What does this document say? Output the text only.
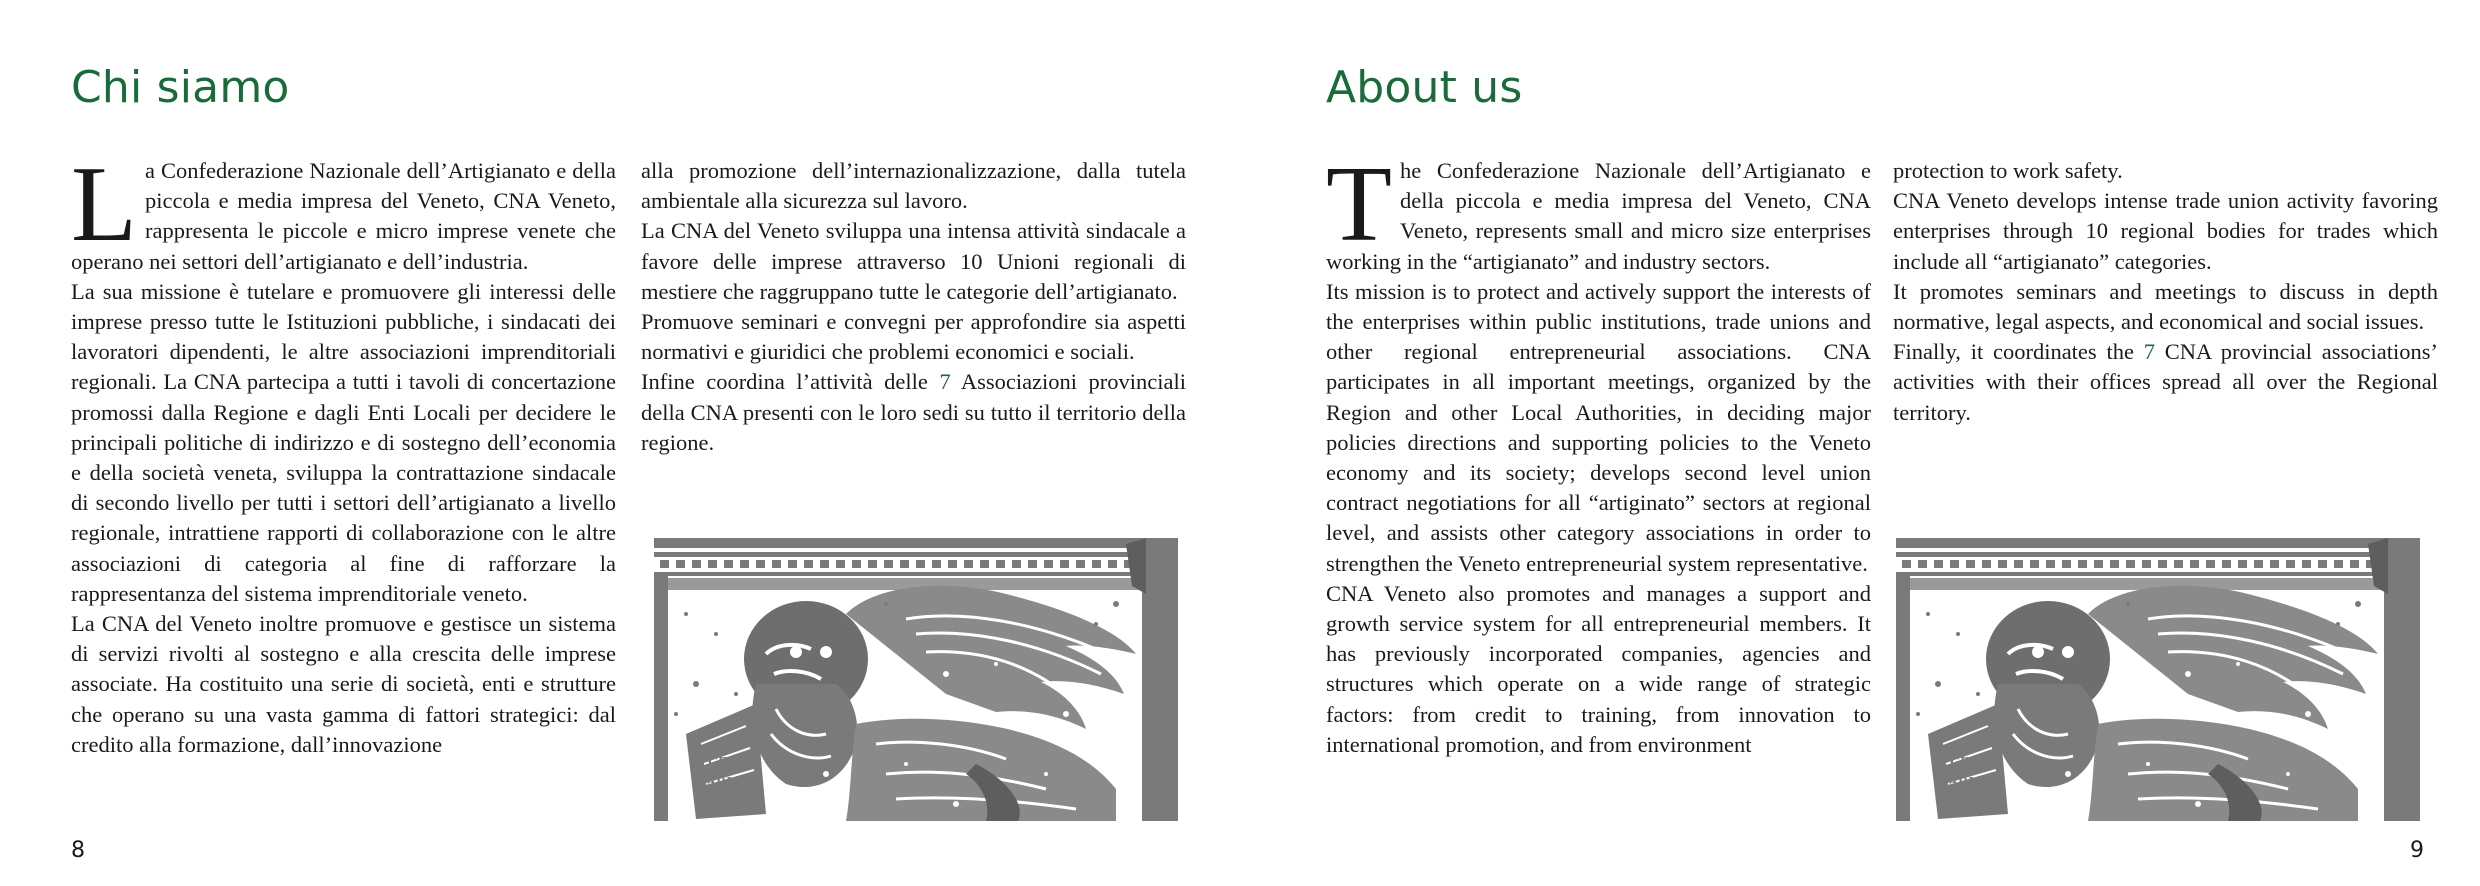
Chi siamo

La Confederazione Nazionale dell’Artigianato e della piccola e media impresa del Veneto, CNA Veneto, rappresenta le piccole e micro imprese venete che operano nei settori dell’artigianato e dell’industria.

La sua missione è tutelare e promuovere gli interessi delle imprese presso tutte le Istituzioni pubbliche, i sindacati dei lavoratori dipendenti, le altre associazioni imprenditoriali regionali. La CNA partecipa a tutti i tavoli di concertazione promossi dalla Regione e dagli Enti Locali per decidere le principali politiche di indirizzo e di sostegno dell’economia e della società veneta, sviluppa la contrattazione sindacale di secondo livello per tutti i settori dell’artigianato a livello regionale, intrattiene rapporti di collaborazione con le altre associazioni di categoria al fine di rafforzare la rappresentanza del sistema imprenditoriale veneto.

La CNA del Veneto inoltre promuove e gestisce un sistema di servizi rivolti al sostegno e alla crescita delle imprese associate. Ha costituito una serie di società, enti e strutture che operano su una vasta gamma di fattori strategici: dal credito alla formazione, dall’innovazione

alla promozione dell’internazionalizzazione, dalla tutela ambientale alla sicurezza sul lavoro.

La CNA del Veneto sviluppa una intensa attività sindacale a favore delle imprese attraverso 10 Unioni regionali di mestiere che raggruppano tutte le categorie dell’artigianato.

Promuove seminari e convegni per approfondire sia aspetti normativi e giuridici che problemi economici e sociali.

Infine coordina l’attività delle 7 Associazioni provinciali della CNA presenti con le loro sedi su tutto il territorio della regione.

CEL
ARISTA
MEUS
8
About us

The Confederazione Nazionale dell’Artigianato e della piccola e media impresa del Veneto, CNA Veneto, represents small and micro size enterprises working in the “artigianato” and industry sectors.

Its mission is to protect and actively support the interests of the enterprises within public institutions, trade unions and other regional entrepreneurial associations. CNA participates in all important meetings, organized by the Region and other Local Authorities, in deciding major policies directions and supporting policies to the Veneto economy and its society; develops second level union contract negotiations for all “artiginato” sectors at regional level, and assists other category associations in order to strengthen the Veneto entrepreneurial system representative.

CNA Veneto also promotes and manages a support and growth service system for all entrepreneurial members. It has previously incorporated companies, agencies and structures which operate on a wide range of strategic factors: from credit to training, from innovation to international promotion, and from environment

protection to work safety.

CNA Veneto develops intense trade union activity favoring enterprises through 10 regional bodies for trades which include all “artigianato” categories.

It promotes seminars and meetings to discuss in depth normative, legal aspects, and economical and social issues.

Finally, it coordinates the 7 CNA provincial associations’ activities with their offices spread all over the Regional territory.

CEL
ARISTA
MEUS
9
